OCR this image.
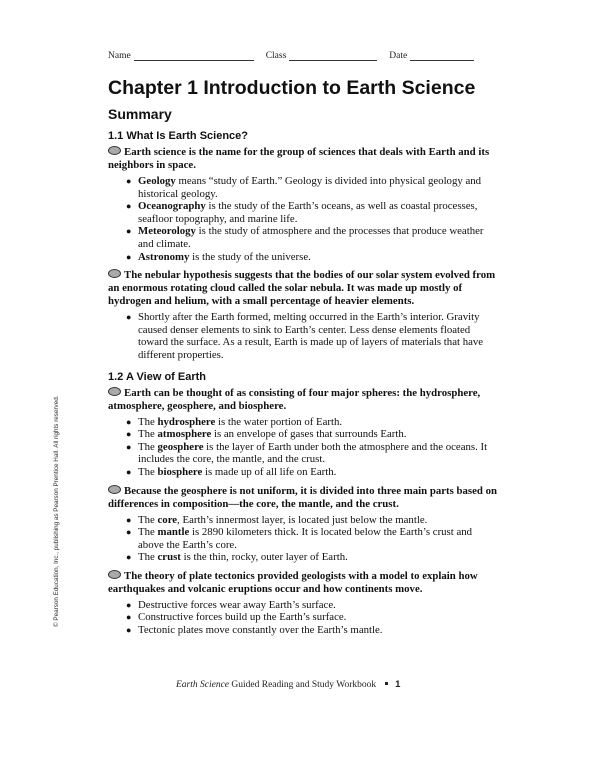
Name	Class	Date
Chapter 1 Introduction to Earth Science
Summary
1.1 What Is Earth Science?

Earth science is the name for the group of sciences that deals with Earth and its neighbors in space.

● Geology means “study of Earth.” Geology is divided into physical geology and historical geology.
● Oceanography is the study of the Earth’s oceans, as well as coastal processes, seafloor topography, and marine life.
● Meteorology is the study of atmosphere and the processes that produce weather and climate.
● Astronomy is the study of the universe.

The nebular hypothesis suggests that the bodies of our solar system evolved from an enormous rotating cloud called the solar nebula. It was made up mostly of hydrogen and helium, with a small percentage of heavier elements.

● Shortly after the Earth formed, melting occurred in the Earth’s interior. Gravity caused denser elements to sink to Earth’s center. Less dense elements floated toward the surface. As a result, Earth is made up of layers of materials that have different properties.
1.2 A View of Earth

Earth can be thought of as consisting of four major spheres: the hydrosphere, atmosphere, geosphere, and biosphere.

● The hydrosphere is the water portion of Earth.
● The atmosphere is an envelope of gases that surrounds Earth.
● The geosphere is the layer of Earth under both the atmosphere and the oceans. It includes the core, the mantle, and the crust.
● The biosphere is made up of all life on Earth.

Because the geosphere is not uniform, it is divided into three main parts based on differences in composition—the core, the mantle, and the crust.

● The core, Earth’s innermost layer, is located just below the mantle.
● The mantle is 2890 kilometers thick. It is located below the Earth’s crust and above the Earth’s core.
● The crust is the thin, rocky, outer layer of Earth.

The theory of plate tectonics provided geologists with a model to explain how earthquakes and volcanic eruptions occur and how continents move.

● Destructive forces wear away Earth’s surface.
● Constructive forces build up the Earth’s surface.
● Tectonic plates move constantly over the Earth’s mantle.
© Pearson Education, Inc., publishing as Pearson Prentice Hall. All rights reserved.
Earth Science Guided Reading and Study Workbook 1
